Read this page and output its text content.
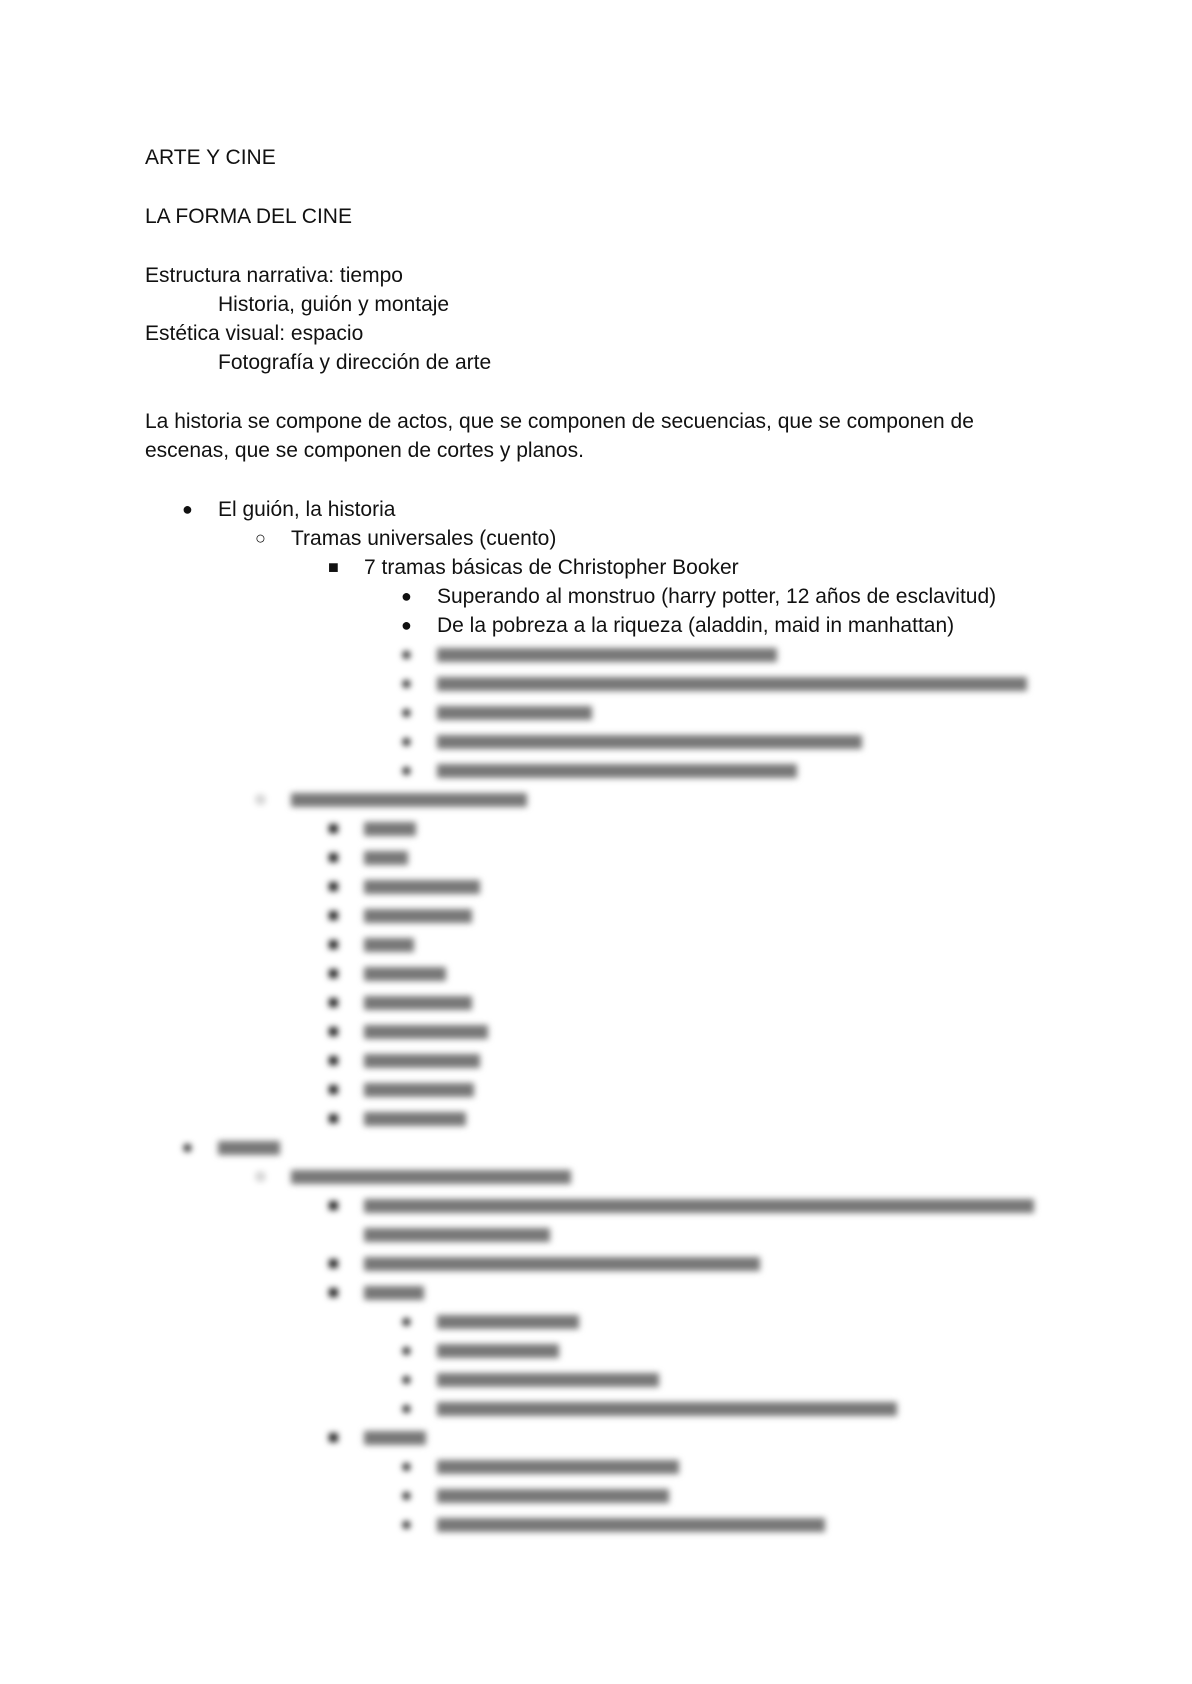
ARTE Y CINE
LA FORMA DEL CINE
Estructura narrativa: tiempo
Historia, guión y montaje
Estética visual: espacio
Fotografía y dirección de arte
La historia se compone de actos, que se componen de secuencias, que se componen de
escenas, que se componen de cortes y planos.
● El guión, la historia
○ Tramas universales (cuento)
■ 7 tramas básicas de Christopher Booker
● Superando al monstruo (harry potter, 12 años de esclavitud)
● De la pobreza a la riqueza (aladdin, maid in manhattan)
●
●
●
●
●
○
■
■
■
■
■
■
■
■
■
■
■
●
○
■
■
■
●
●
●
●
■
●
●
●
